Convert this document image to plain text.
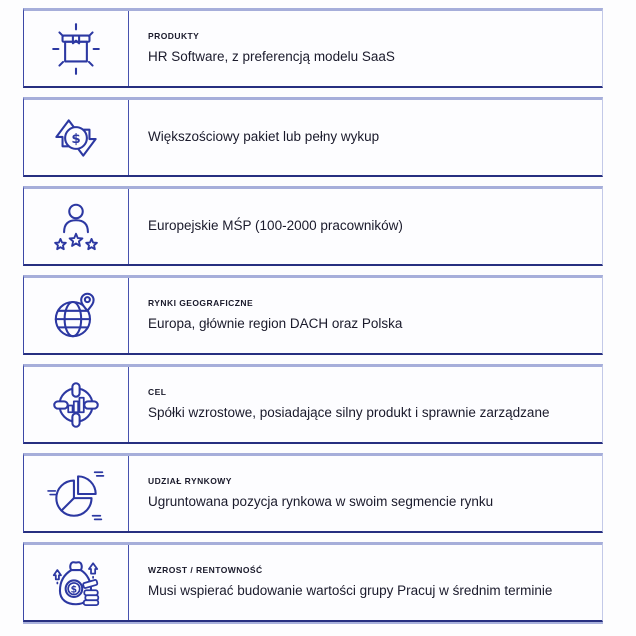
PRODUKTY
HR Software, z preferencją modelu SaaS
$	Większościowy pakiet lub pełny wykup
Europejskie MŚP (100-2000 pracowników)
RYNKI GEOGRAFICZNE
Europa, głównie region DACH oraz Polska
CEL
Spółki wzrostowe, posiadające silny produkt i sprawnie zarządzane
UDZIAŁ RYNKOWY
Ugruntowana pozycja rynkowa w swoim segmencie rynku
$
WZROST / RENTOWNOŚĆ
Musi wspierać budowanie wartości grupy Pracuj w średnim terminie
